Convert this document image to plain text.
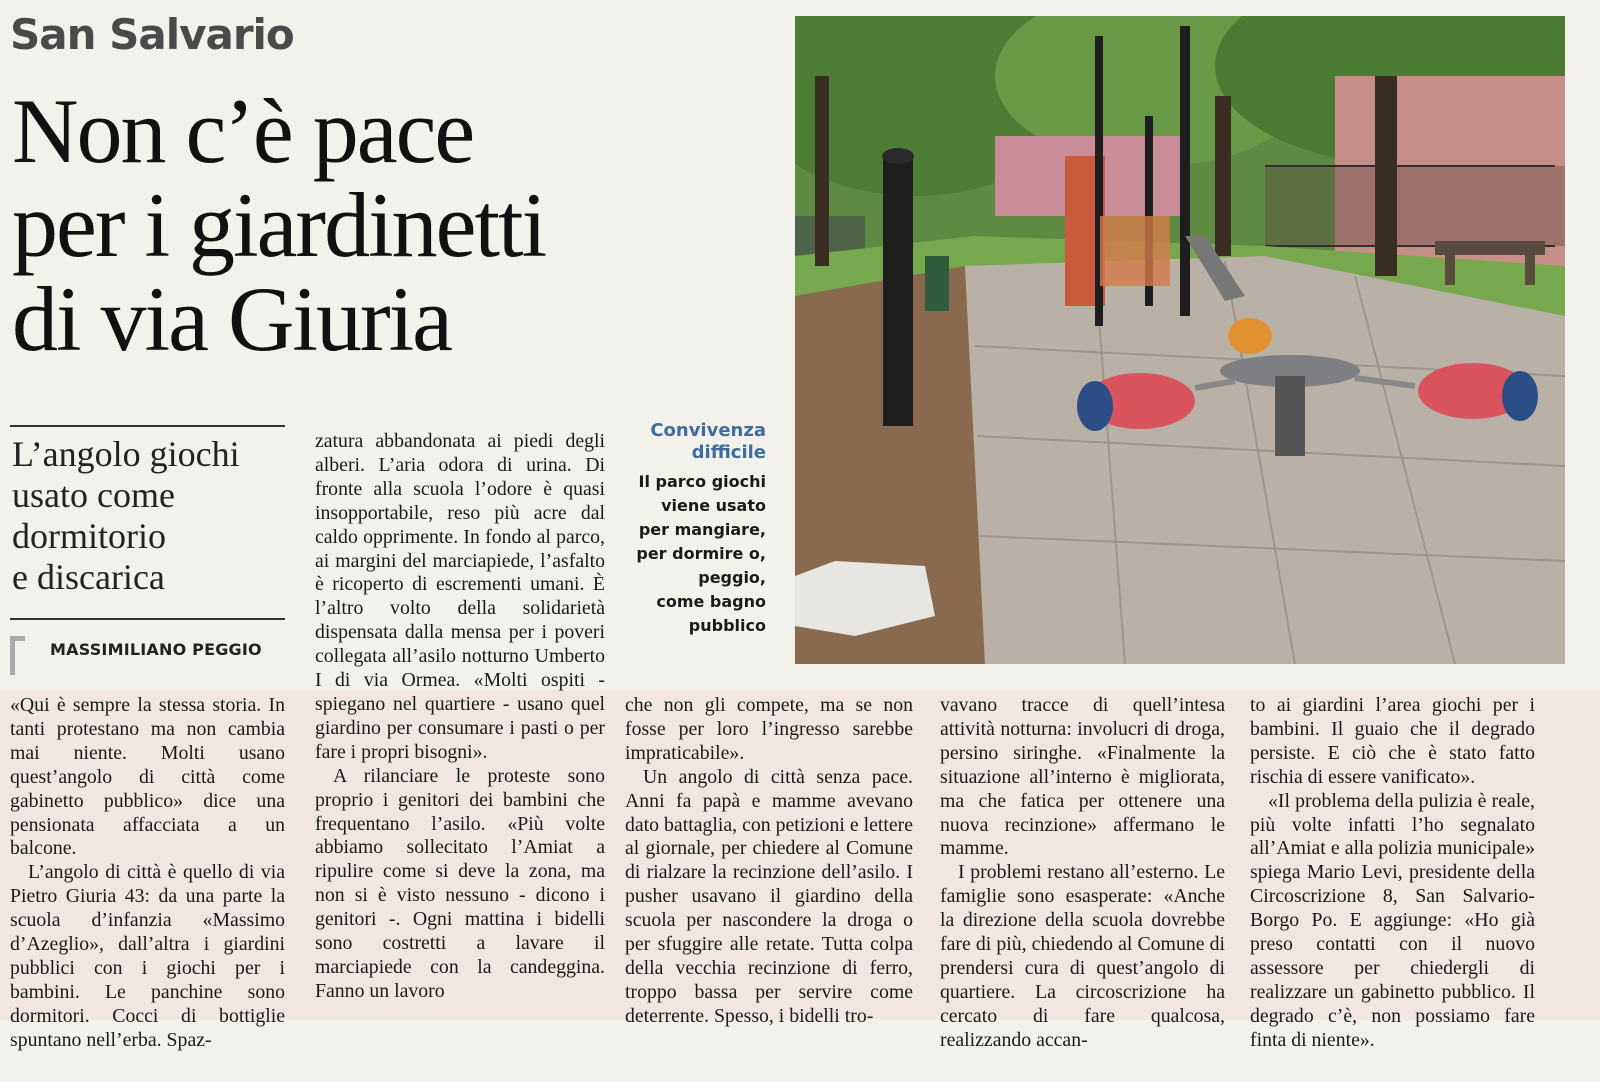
San Salvario
Non c’è pace
per i giardinetti
di via Giuria
L’angolo giochi
usato come
dormitorio
e discarica
MASSIMILIANO PEGGIO

«Qui è sempre la stessa storia. In tanti protestano ma non cambia mai niente. Molti usano quest’angolo di città come gabinetto pubblico» dice una pensionata affacciata a un balcone.

L’angolo di città è quello di via Pietro Giuria 43: da una parte la scuola d’infanzia «Massimo d’Azeglio», dall’altra i giardini pubblici con i giochi per i bambini. Le panchine sono dormitori. Cocci di bottiglie spuntano nell’erba. Spaz-

zatura abbandonata ai piedi degli alberi. L’aria odora di urina. Di fronte alla scuola l’odore è quasi insopportabile, reso più acre dal caldo opprimente. In fondo al parco, ai margini del marciapiede, l’asfalto è ricoperto di escrementi umani. È l’altro volto della solidarietà dispensata dalla mensa per i poveri collegata all’asilo notturno Umberto I di via Ormea. «Molti ospiti - spiegano nel quartiere - usano quel giardino per consumare i pasti o per fare i propri bisogni».

A rilanciare le proteste sono proprio i genitori dei bambini che frequentano l’asilo. «Più volte abbiamo sollecitato l’Amiat a ripulire come si deve la zona, ma non si è visto nessuno - dicono i genitori -. Ogni mattina i bidelli sono costretti a lavare il marciapiede con la candeggina. Fanno un lavoro

Convivenza
difficile
Il parco giochi
viene usato
per mangiare,
per dormire o,
peggio,
come bagno
pubblico

che non gli compete, ma se non fosse per loro l’ingresso sarebbe impraticabile».

Un angolo di città senza pace. Anni fa papà e mamme avevano dato battaglia, con petizioni e lettere al giornale, per chiedere al Comune di rialzare la recinzione dell’asilo. I pusher usavano il giardino della scuola per nascondere la droga o per sfuggire alle retate. Tutta colpa della vecchia recinzione di ferro, troppo bassa per servire come deterrente. Spesso, i bidelli tro-

vavano tracce di quell’intesa attività notturna: involucri di droga, persino siringhe. «Finalmente la situazione all’interno è migliorata, ma che fatica per ottenere una nuova recinzione» affermano le mamme.

I problemi restano all’esterno. Le famiglie sono esasperate: «Anche la direzione della scuola dovrebbe fare di più, chiedendo al Comune di prendersi cura di quest’angolo di quartiere. La circoscrizione ha cercato di fare qualcosa, realizzando accan-

to ai giardini l’area giochi per i bambini. Il guaio che il degrado persiste. E ciò che è stato fatto rischia di essere vanificato».

«Il problema della pulizia è reale, più volte infatti l’ho segnalato all’Amiat e alla polizia municipale» spiega Mario Levi, presidente della Circoscrizione 8, San Salvario-Borgo Po. E aggiunge: «Ho già preso contatti con il nuovo assessore per chiedergli di realizzare un gabinetto pubblico. Il degrado c’è, non possiamo fare finta di niente».
